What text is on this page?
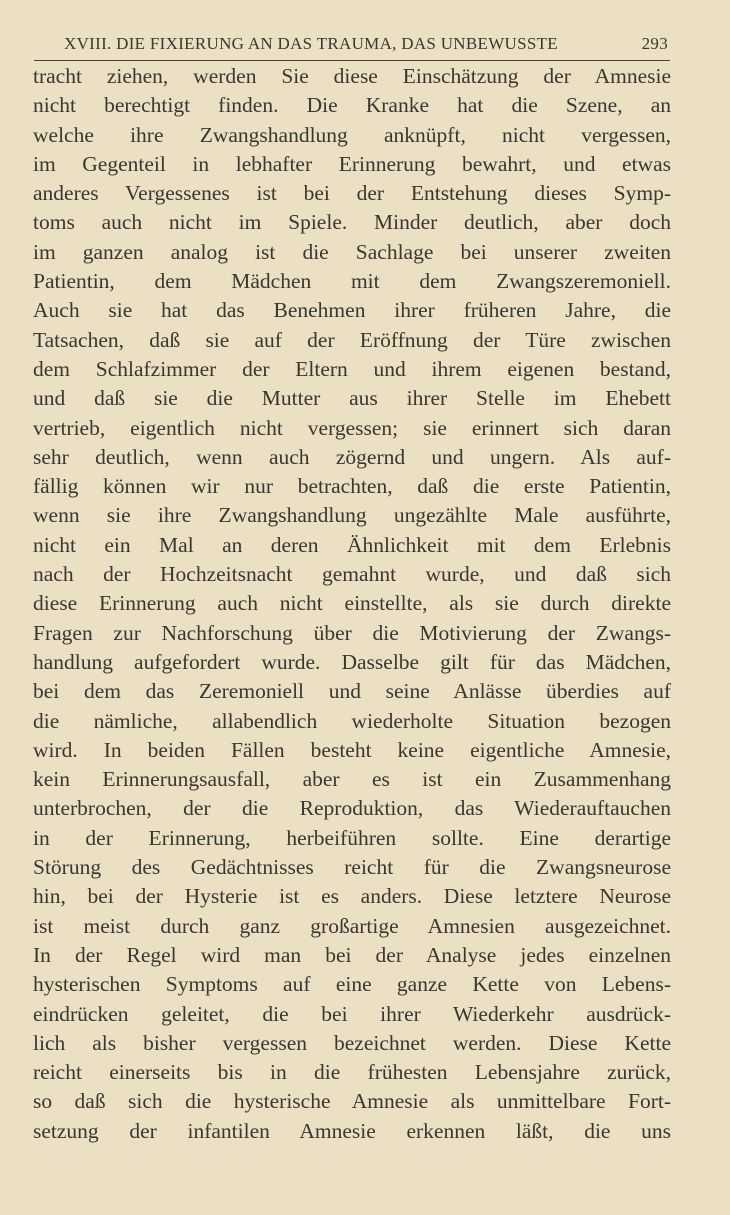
XVIII. DIE FIXIERUNG AN DAS TRAUMA, DAS UNBEWUSSTE	293
tracht ziehen, werden Sie diese Einschätzung der Amnesie
nicht berechtigt finden. Die Kranke hat die Szene, an
welche ihre Zwangshandlung anknüpft, nicht vergessen,
im Gegenteil in lebhafter Erinnerung bewahrt, und etwas
anderes Vergessenes ist bei der Entstehung dieses Symp-
toms auch nicht im Spiele. Minder deutlich, aber doch
im ganzen analog ist die Sachlage bei unserer zweiten
Patientin, dem Mädchen mit dem Zwangszeremoniell.
Auch sie hat das Benehmen ihrer früheren Jahre, die
Tatsachen, daß sie auf der Eröffnung der Türe zwischen
dem Schlafzimmer der Eltern und ihrem eigenen bestand,
und daß sie die Mutter aus ihrer Stelle im Ehebett
vertrieb, eigentlich nicht vergessen; sie erinnert sich daran
sehr deutlich, wenn auch zögernd und ungern. Als auf-
fällig können wir nur betrachten, daß die erste Patientin,
wenn sie ihre Zwangshandlung ungezählte Male ausführte,
nicht ein Mal an deren Ähnlichkeit mit dem Erlebnis
nach der Hochzeitsnacht gemahnt wurde, und daß sich
diese Erinnerung auch nicht einstellte, als sie durch direkte
Fragen zur Nachforschung über die Motivierung der Zwangs-
handlung aufgefordert wurde. Dasselbe gilt für das Mädchen,
bei dem das Zeremoniell und seine Anlässe überdies auf
die nämliche, allabendlich wiederholte Situation bezogen
wird. In beiden Fällen besteht keine eigentliche Amnesie,
kein Erinnerungsausfall, aber es ist ein Zusammenhang
unterbrochen, der die Reproduktion, das Wiederauftauchen
in der Erinnerung, herbeiführen sollte. Eine derartige
Störung des Gedächtnisses reicht für die Zwangsneurose
hin, bei der Hysterie ist es anders. Diese letztere Neurose
ist meist durch ganz großartige Amnesien ausgezeichnet.
In der Regel wird man bei der Analyse jedes einzelnen
hysterischen Symptoms auf eine ganze Kette von Lebens-
eindrücken geleitet, die bei ihrer Wiederkehr ausdrück-
lich als bisher vergessen bezeichnet werden. Diese Kette
reicht einerseits bis in die frühesten Lebensjahre zurück,
so daß sich die hysterische Amnesie als unmittelbare Fort-
setzung der infantilen Amnesie erkennen läßt, die uns
